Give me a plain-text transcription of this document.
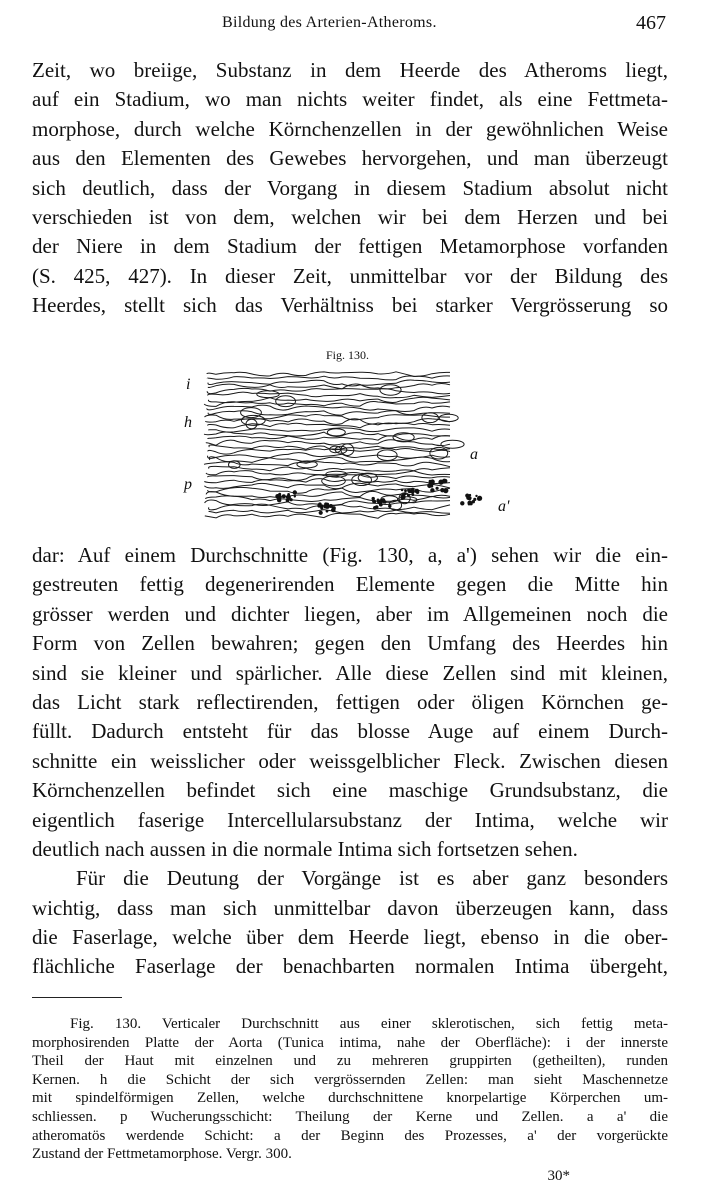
Bildung des Arterien-Atheroms.	467
Zeit, wo breiige, Substanz in dem Heerde des Atheroms liegt,
auf ein Stadium, wo man nichts weiter findet, als eine Fettmeta-
morphose, durch welche Körnchenzellen in der gewöhnlichen Weise
aus den Elementen des Gewebes hervorgehen, und man überzeugt
sich deutlich, dass der Vorgang in diesem Stadium absolut nicht
verschieden ist von dem, welchen wir bei dem Herzen und bei
der Niere in dem Stadium der fettigen Metamorphose vorfanden
(S. 425, 427). In dieser Zeit, unmittelbar vor der Bildung des
Heerdes, stellt sich das Verhältniss bei starker Vergrösserung so
Fig. 130.
i
h
p
a
a'
dar: Auf einem Durchschnitte (Fig. 130, a, a') sehen wir die ein-
gestreuten fettig degenerirenden Elemente gegen die Mitte hin
grösser werden und dichter liegen, aber im Allgemeinen noch die
Form von Zellen bewahren; gegen den Umfang des Heerdes hin
sind sie kleiner und spärlicher. Alle diese Zellen sind mit kleinen,
das Licht stark reflectirenden, fettigen oder öligen Körnchen ge-
füllt. Dadurch entsteht für das blosse Auge auf einem Durch-
schnitte ein weisslicher oder weissgelblicher Fleck. Zwischen diesen
Körnchenzellen befindet sich eine maschige Grundsubstanz, die
eigentlich faserige Intercellularsubstanz der Intima, welche wir
deutlich nach aussen in die normale Intima sich fortsetzen sehen.
Für die Deutung der Vorgänge ist es aber ganz besonders
wichtig, dass man sich unmittelbar davon überzeugen kann, dass
die Faserlage, welche über dem Heerde liegt, ebenso in die ober-
flächliche Faserlage der benachbarten normalen Intima übergeht,
Fig. 130. Verticaler Durchschnitt aus einer sklerotischen, sich fettig meta-
morphosirenden Platte der Aorta (Tunica intima, nahe der Oberfläche): i der innerste
Theil der Haut mit einzelnen und zu mehreren gruppirten (getheilten), runden
Kernen. h die Schicht der sich vergrössernden Zellen: man sieht Maschennetze
mit spindelförmigen Zellen, welche durchschnittene knorpelartige Körperchen um-
schliessen. p Wucherungsschicht: Theilung der Kerne und Zellen. a a' die
atheromatös werdende Schicht: a der Beginn des Prozesses, a' der vorgerückte
Zustand der Fettmetamorphose. Vergr. 300.
30*
